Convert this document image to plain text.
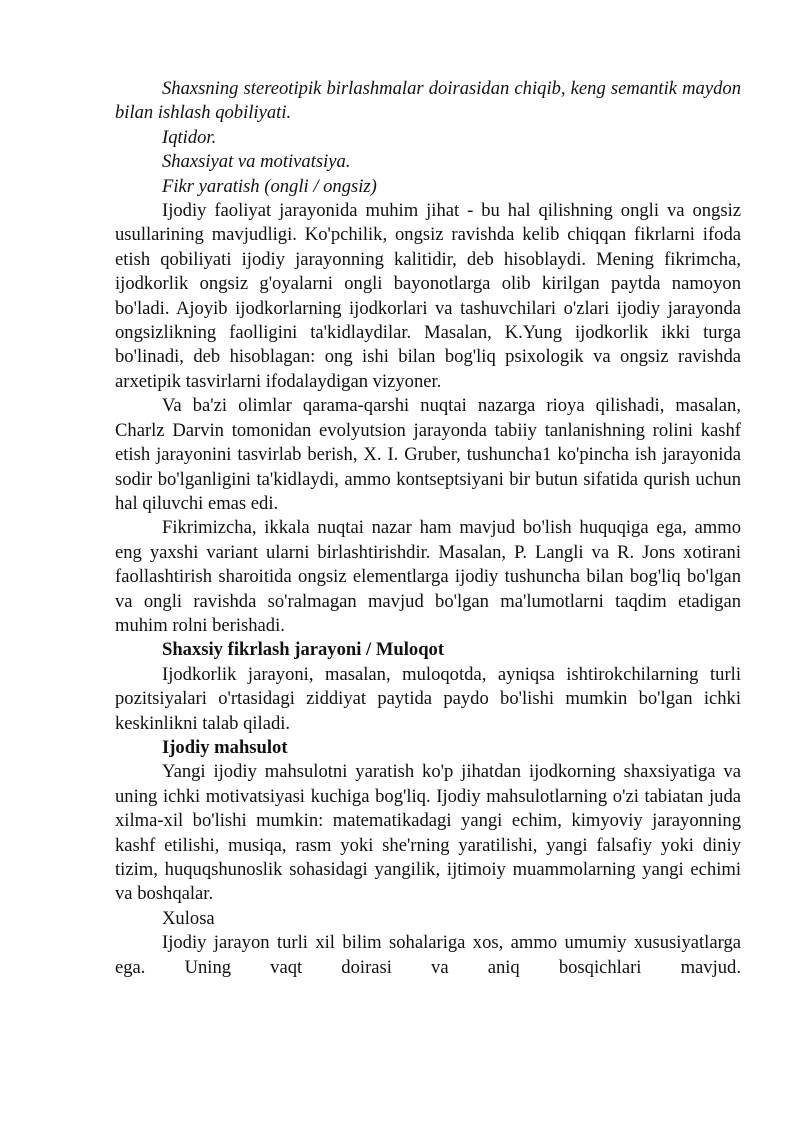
Shaxsning stereotipik birlashmalar doirasidan chiqib, keng semantik maydon bilan ishlash qobiliyati.

Iqtidor.

Shaxsiyat va motivatsiya.

Fikr yaratish (ongli / ongsiz)

Ijodiy faoliyat jarayonida muhim jihat - bu hal qilishning ongli va ongsiz usullarining mavjudligi. Ko'pchilik, ongsiz ravishda kelib chiqqan fikrlarni ifoda etish qobiliyati ijodiy jarayonning kalitidir, deb hisoblaydi. Mening fikrimcha, ijodkorlik ongsiz g'oyalarni ongli bayonotlarga olib kirilgan paytda namoyon bo'ladi. Ajoyib ijodkorlarning ijodkorlari va tashuvchilari o'zlari ijodiy jarayonda ongsizlikning faolligini ta'kidlaydilar. Masalan, K.Yung ijodkorlik ikki turga bo'linadi, deb hisoblagan: ong ishi bilan bog'liq psixologik va ongsiz ravishda arxetipik tasvirlarni ifodalaydigan vizyoner.

Va ba'zi olimlar qarama-qarshi nuqtai nazarga rioya qilishadi, masalan, Charlz Darvin tomonidan evolyutsion jarayonda tabiiy tanlanishning rolini kashf etish jarayonini tasvirlab berish, X. I. Gruber, tushuncha1 ko'pincha ish jarayonida sodir bo'lganligini ta'kidlaydi, ammo kontseptsiyani bir butun sifatida qurish uchun hal qiluvchi emas edi.

Fikrimizcha, ikkala nuqtai nazar ham mavjud bo'lish huquqiga ega, ammo eng yaxshi variant ularni birlashtirishdir. Masalan, P. Langli va R. Jons xotirani faollashtirish sharoitida ongsiz elementlarga ijodiy tushuncha bilan bog'liq bo'lgan va ongli ravishda so'ralmagan mavjud bo'lgan ma'lumotlarni taqdim etadigan muhim rolni berishadi.

Shaxsiy fikrlash jarayoni / Muloqot

Ijodkorlik jarayoni, masalan, muloqotda, ayniqsa ishtirokchilarning turli pozitsiyalari o'rtasidagi ziddiyat paytida paydo bo'lishi mumkin bo'lgan ichki keskinlikni talab qiladi.

Ijodiy mahsulot

Yangi ijodiy mahsulotni yaratish ko'p jihatdan ijodkorning shaxsiyatiga va uning ichki motivatsiyasi kuchiga bog'liq. Ijodiy mahsulotlarning o'zi tabiatan juda xilma-xil bo'lishi mumkin: matematikadagi yangi echim, kimyoviy jarayonning kashf etilishi, musiqa, rasm yoki she'rning yaratilishi, yangi falsafiy yoki diniy tizim, huquqshunoslik sohasidagi yangilik, ijtimoiy muammolarning yangi echimi va boshqalar.

Xulosa

Ijodiy jarayon turli xil bilim sohalariga xos, ammo umumiy xususiyatlarga ega. Uning vaqt doirasi va aniq bosqichlari mavjud.
